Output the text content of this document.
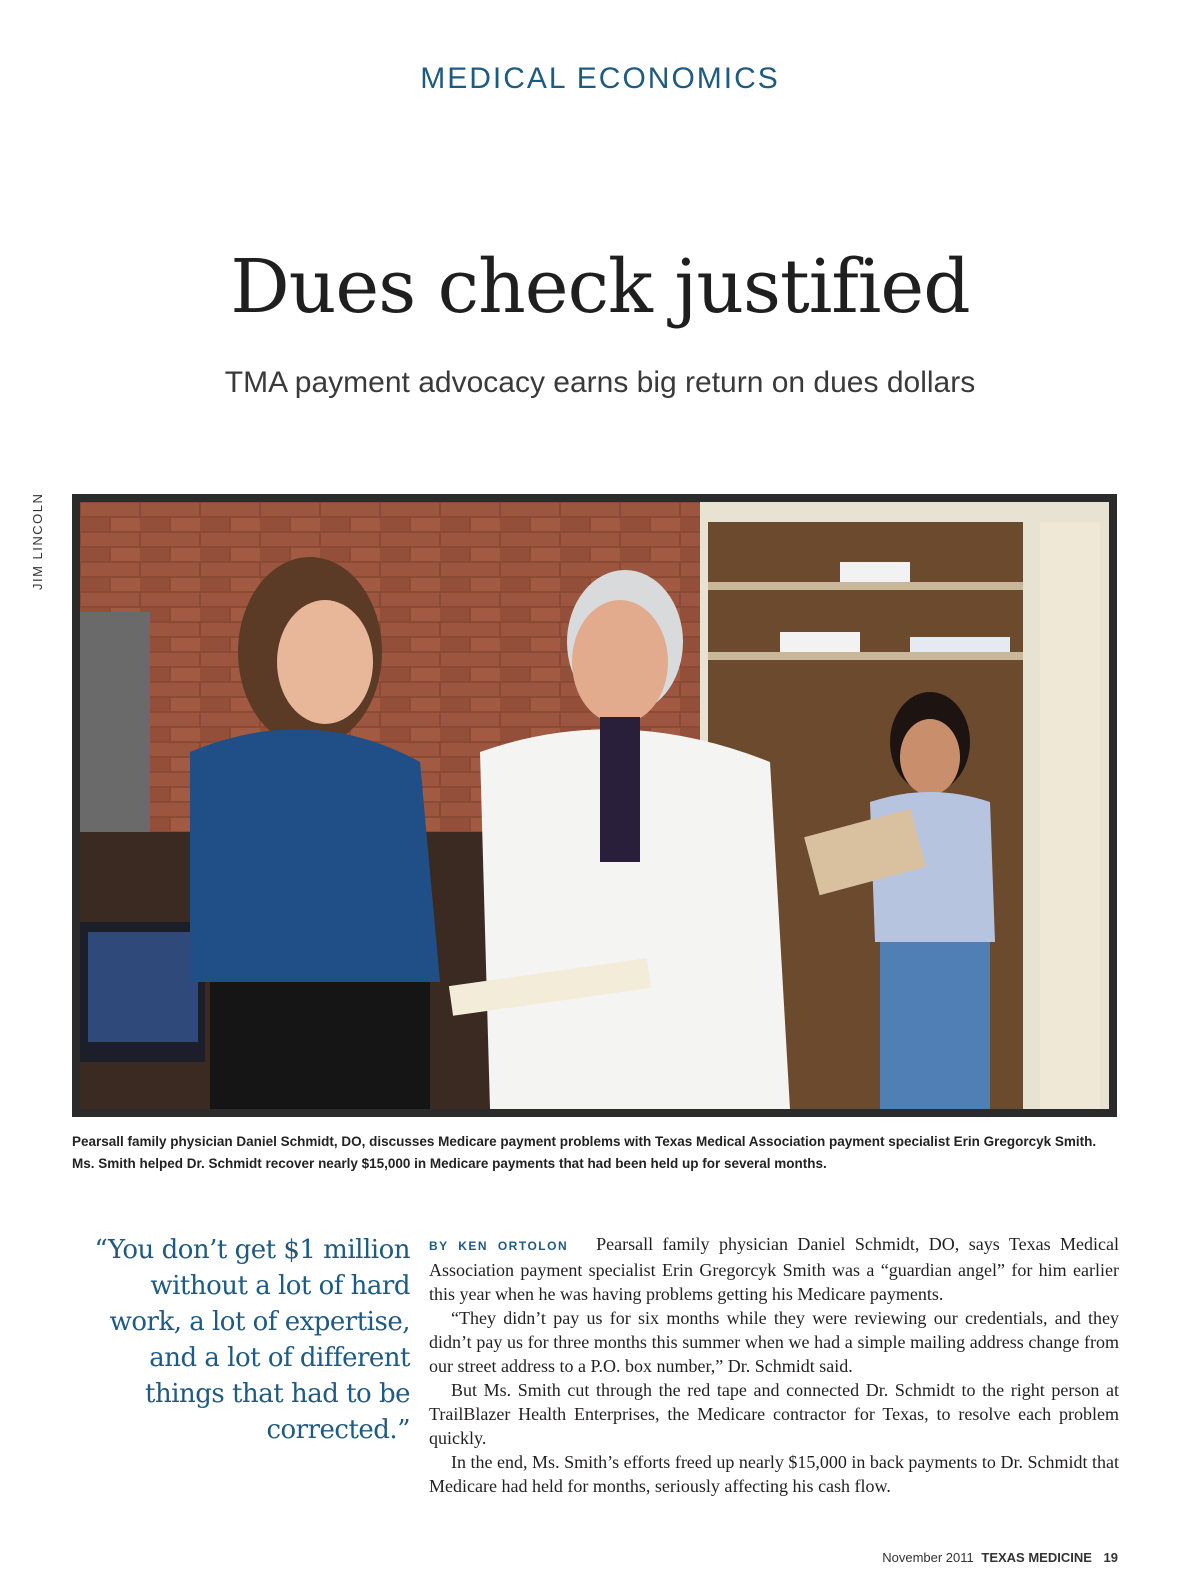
MEDICAL ECONOMICS
Dues check justified
TMA payment advocacy earns big return on dues dollars
JIM LINCOLN
Pearsall family physician Daniel Schmidt, DO, discusses Medicare payment problems with Texas Medical Association payment specialist Erin Gregorcyk Smith. Ms. Smith helped Dr. Schmidt recover nearly $15,000 in Medicare payments that had been held up for several months.
“You don’t get $1 million without a lot of hard work, a lot of expertise, and a lot of different things that had to be corrected.”

BY KEN ORTOLON Pearsall family physician Daniel Schmidt, DO, says Texas Medical Association payment specialist Erin Gregorcyk Smith was a “guardian angel” for him earlier this year when he was having problems getting his Medicare payments.

“They didn’t pay us for six months while they were reviewing our credentials, and they didn’t pay us for three months this summer when we had a simple mailing address change from our street address to a P.O. box number,” Dr. Schmidt said.

But Ms. Smith cut through the red tape and connected Dr. Schmidt to the right person at TrailBlazer Health Enterprises, the Medicare contractor for Texas, to resolve each problem quickly.

In the end, Ms. Smith’s efforts freed up nearly $15,000 in back payments to Dr. Schmidt that Medicare had held for months, seriously affecting his cash flow.

November 2011 TEXAS MEDICINE 19
